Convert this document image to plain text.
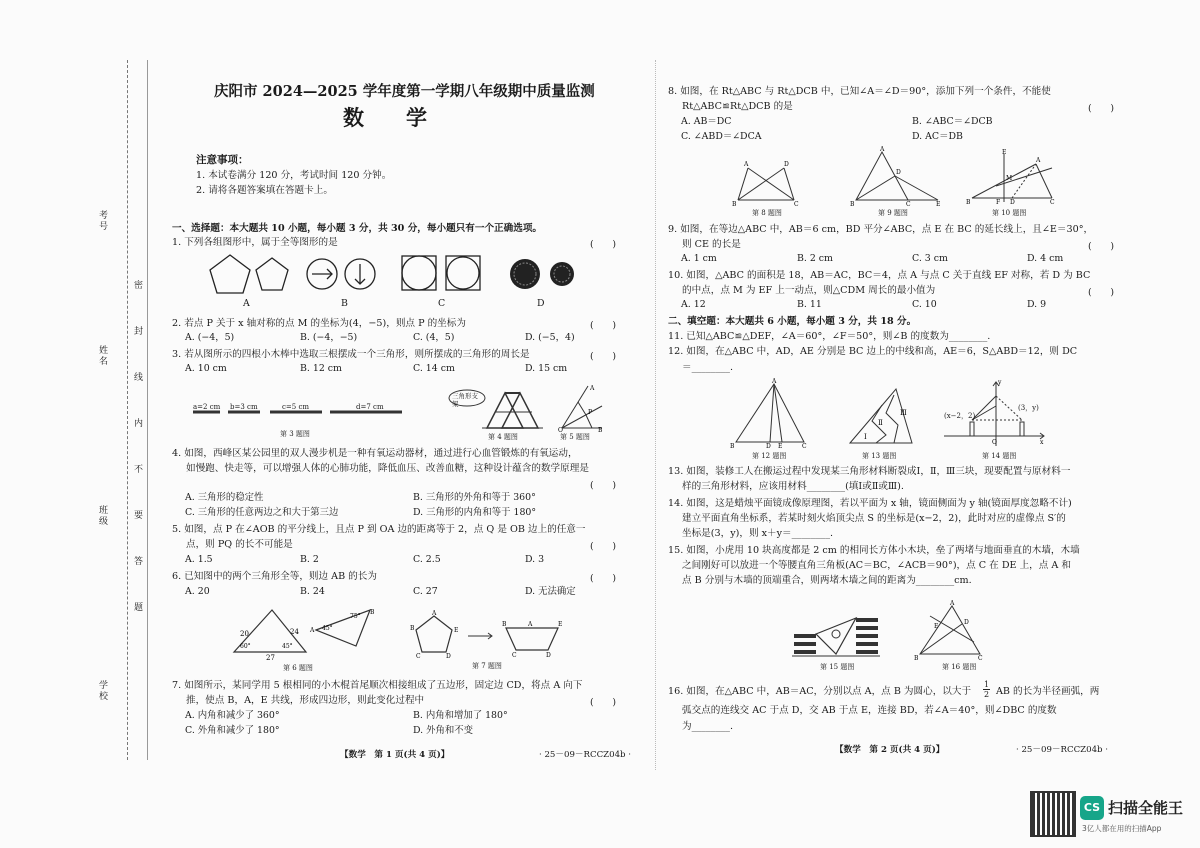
考号
姓名
班级
学校
密　封　线　内　不　要　答　题
庆阳市 2024—2025 学年度第一学期八年级期中质量监测
数　　学
注意事项：
1. 本试卷满分 120 分，考试时间 120 分钟。
2. 请将各题答案填在答题卡上。
一、选择题：本大题共 10 小题，每小题 3 分，共 30 分，每小题只有一个正确选项。
1. 下列各组图形中，属于全等图形的是	(　　)
A	B	C	D
2. 若点 P 关于 x 轴对称的点 M 的坐标为(4，−5)，则点 P 的坐标为	(　　)
A. (−4，5)	B. (−4，−5)	C. (4，5)	D. (−5，4)
3. 若从图所示的四根小木棒中选取三根摆成一个三角形，则所摆成的三角形的周长是	(　　)
A. 10 cm	B. 12 cm	C. 14 cm	D. 15 cm
a=2 cm b=3 cm	c=5 cm	d=7 cm
第 3 题图
三角形支架
第 4 题图
O
A
B
P
第 5 题图
4. 如图，西峰区某公园里的双人漫步机是一种有氧运动器材，通过进行心血管锻炼的有氧运动，
如慢跑、快走等，可以增强人体的心肺功能，降低血压、改善血糖，这种设计蕴含的数学原理是
(　　)
A. 三角形的稳定性	B. 三角形的外角和等于 360°
C. 三角形的任意两边之和大于第三边	D. 三角形的内角和等于 180°
5. 如图，点 P 在∠AOB 的平分线上，且点 P 到 OA 边的距离等于 2，点 Q 是 OB 边上的任意一
点，则 PQ 的长不可能是	(　　)
A. 1.5	B. 2	C. 2.5	D. 3
6. 已知图中的两个三角形全等，则边 AB 的长为	(　　)
A. 20	B. 24	C. 27	D. 无法确定
20	24
27
60°	45°
A
B
45°
75°
第 6 题图
A
B	E
C	D
B	A	E
C	D
第 7 题图
7. 如图所示，某同学用 5 根相同的小木棍首尾顺次相接组成了五边形，固定边 CD，将点 A 向下
推，使点 B，A，E 共线，形成四边形，则此变化过程中	(　　)
A. 内角和减少了 360°	B. 内角和增加了 180°
C. 外角和减少了 180°	D. 外角和不变
【数学　第 1 页(共 4 页)】	· 25－09－RCCZ04b ·
8. 如图，在 Rt△ABC 与 Rt△DCB 中，已知∠A＝∠D＝90°，添加下列一个条件，不能使
Rt△ABC≌Rt△DCB 的是	(　　)
A. AB＝DC	B. ∠ABC＝∠DCB
C. ∠ABD＝∠DCA	D. AC＝DB
A	D
B	C
第 8 题图
A
B	C	E
D
第 9 题图
A
B	D	C
M
E
F
第 10 题图
9. 如图，在等边△ABC 中，AB＝6 cm，BD 平分∠ABC，点 E 在 BC 的延长线上，且∠E＝30°，
则 CE 的长是	(　　)
A. 1 cm	B. 2 cm	C. 3 cm	D. 4 cm
10. 如图，△ABC 的面积是 18，AB＝AC，BC＝4，点 A 与点 C 关于直线 EF 对称，若 D 为 BC
的中点，点 M 为 EF 上一动点，则△CDM 周长的最小值为	(　　)
A. 12	B. 11	C. 10	D. 9
二、填空题：本大题共 6 小题，每小题 3 分，共 18 分。
11. 已知△ABC≌△DEF，∠A＝60°，∠F＝50°，则∠B 的度数为________.
12. 如图，在△ABC 中，AD，AE 分别是 BC 边上的中线和高，AE＝6，S△ABD＝12，则 DC
＝________.
A
B	D E	C
第 12 题图
Ⅰ
Ⅱ
Ⅲ
第 13 题图
O
y
x
(x−2，2)
(3，y)
第 14 题图
13. 如图，装修工人在搬运过程中发现某三角形材料断裂成Ⅰ，Ⅱ，Ⅲ三块，现要配置与原材料一
样的三角形材料，应该用材料________(填Ⅰ或Ⅱ或Ⅲ).
14. 如图，这是蜡烛平面镜成像原理图，若以平面为 x 轴，镜面侧面为 y 轴(镜面厚度忽略不计)
建立平面直角坐标系，若某时刻火焰顶尖点 S 的坐标是(x−2，2)，此时对应的虚像点 S′的
坐标是(3，y)，则 x＋y＝________.
15. 如图，小虎用 10 块高度都是 2 cm 的相同长方体小木块，垒了两堵与地面垂直的木墙，木墙
之间刚好可以放进一个等腰直角三角板(AC＝BC，∠ACB＝90°)，点 C 在 DE 上，点 A 和
点 B 分别与木墙的顶端重合，则两堵木墙之间的距离为________cm.
第 15 题图
A
B	C
D
E
第 16 题图
16. 如图，在△ABC 中，AB＝AC，分别以点 A，点 B 为圆心，以大于
1
2 AB 的长为半径画弧，两
弧交点的连线交 AC 于点 D，交 AB 于点 E，连接 BD，若∠A＝40°，则∠DBC 的度数
为________.
【数学　第 2 页(共 4 页)】	· 25－09－RCCZ04b ·
CS 扫描全能王
3亿人都在用的扫描App
